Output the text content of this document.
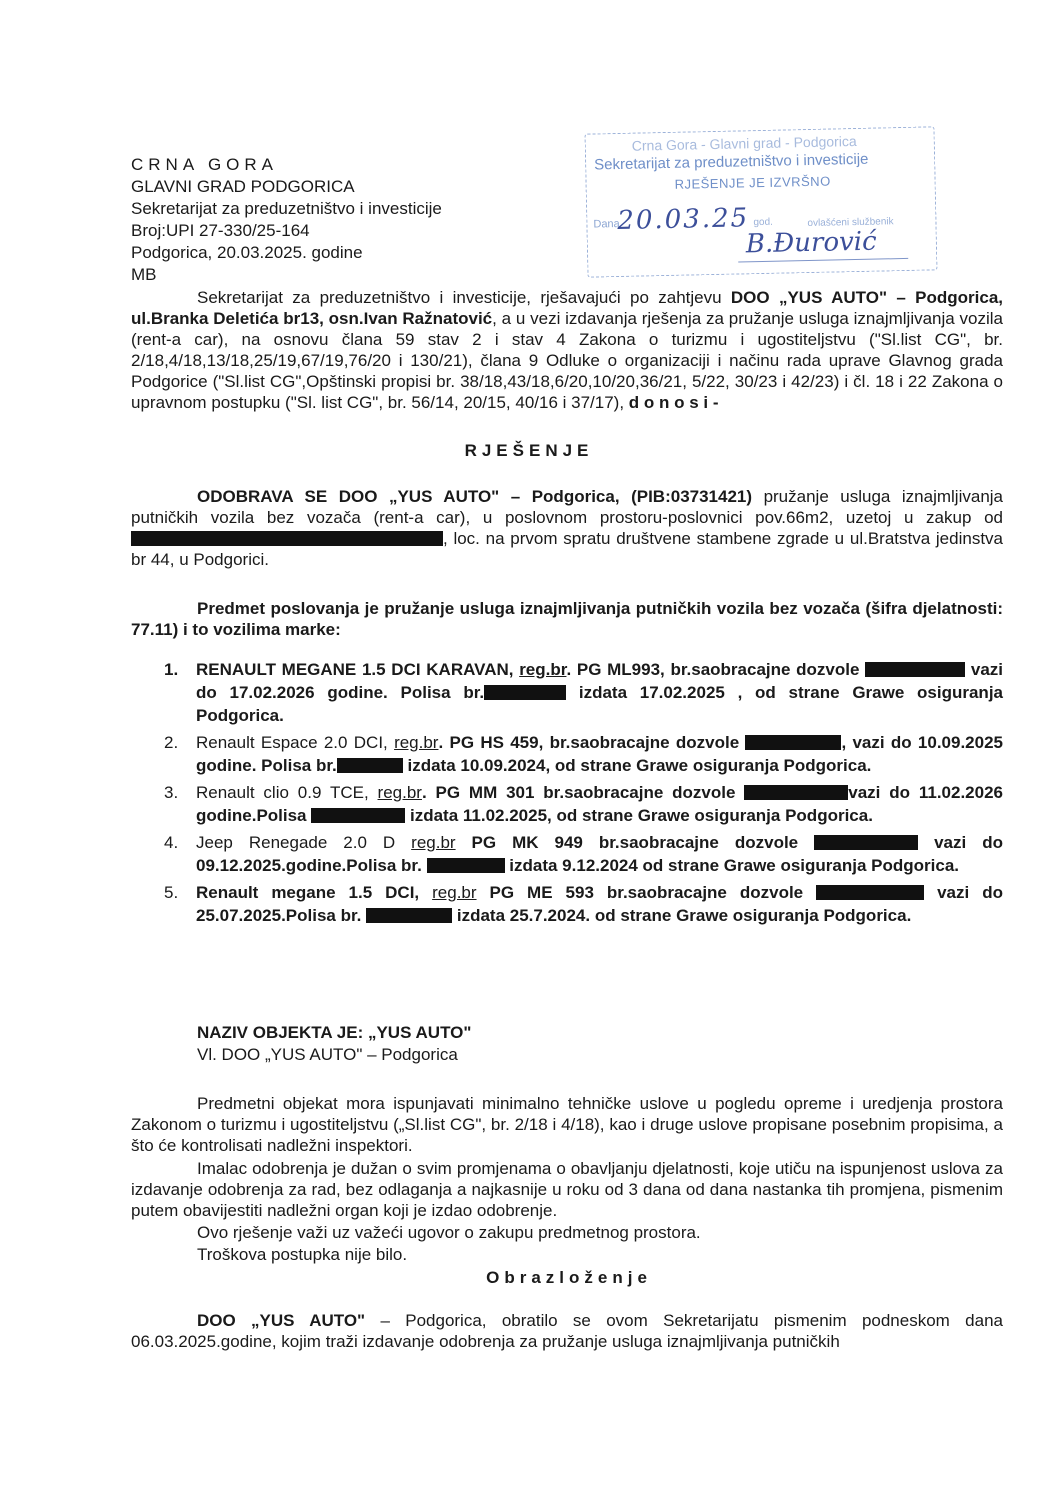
CRNA GORA
GLAVNI GRAD PODGORICA
Sekretarijat za preduzetništvo i investicije
Broj:UPI 27-330/25-164
Podgorica, 20.03.2025. godine
MB
Crna Gora - Glavni grad - Podgorica
Sekretarijat za preduzetništvo i investicije
RJEŠENJE JE IZVRŠNO
Dana
20.03.25 god.	ovlašćeni službenik
B.Đurović
Sekretarijat za preduzetništvo i investicije, rješavajući po zahtjevu DOO „YUS AUTO" – Podgorica, ul.Branka Deletića br13, osn.Ivan Ražnatović, a u vezi izdavanja rješenja za pružanje usluga iznajmljivanja vozila (rent-a car), na osnovu člana 59 stav 2 i stav 4 Zakona o turizmu i ugostiteljstvu ("Sl.list CG", br. 2/18,4/18,13/18,25/19,67/19,76/20 i 130/21), člana 9 Odluke o organizaciji i načinu rada uprave Glavnog grada Podgorice ("Sl.list CG",Opštinski propisi br. 38/18,43/18,6/20,10/20,36/21, 5/22, 30/23 i 42/23) i čl. 18 i 22 Zakona o upravnom postupku ("Sl. list CG", br. 56/14, 20/15, 40/16 i 37/17), d o n o s i -
RJEŠENJE
ODOBRAVA SE DOO „YUS AUTO" – Podgorica, (PIB:03731421) pružanje usluga iznajmljivanja putničkih vozila bez vozača (rent-a car), u poslovnom prostoru-poslovnici pov.66m2, uzetoj u zakup od , loc. na prvom spratu društvene stambene zgrade u ul.Bratstva jedinstva br 44, u Podgorici.
Predmet poslovanja je pružanje usluga iznajmljivanja putničkih vozila bez vozača (šifra djelatnosti: 77.11) i to vozilima marke:
1. RENAULT MEGANE 1.5 DCI KARAVAN, reg.br. PG ML993, br.saobracajne dozvole	vazi do 17.02.2026 godine. Polisa br.	izdata 17.02.2025 , od strane Grawe osiguranja Podgorica.
2. Renault Espace 2.0 DCI, reg.br. PG HS 459, br.saobracajne dozvole	, vazi do 10.09.2025 godine. Polisa br.	izdata 10.09.2024, od strane Grawe osiguranja Podgorica.
3. Renault clio 0.9 TCE, reg.br. PG MM 301 br.saobracajne dozvole	vazi do 11.02.2026 godine.Polisa	izdata 11.02.2025, od strane Grawe osiguranja Podgorica.
4. Jeep Renegade 2.0 D reg.br PG MK 949 br.saobracajne dozvole	vazi do 09.12.2025.godine.Polisa br.	izdata 9.12.2024 od strane Grawe osiguranja Podgorica.
5. Renault megane 1.5 DCI, reg.br PG ME 593 br.saobracajne dozvole	vazi do 25.07.2025.Polisa br.	izdata 25.7.2024. od strane Grawe osiguranja Podgorica.
NAZIV OBJEKTA JE: „YUS AUTO"
Vl. DOO „YUS AUTO" – Podgorica
Predmetni objekat mora ispunjavati minimalno tehničke uslove u pogledu opreme i uredjenja prostora Zakonom o turizmu i ugostiteljstvu („Sl.list CG", br. 2/18 i 4/18), kao i druge uslove propisane posebnim propisima, a što će kontrolisati nadležni inspektori.
Imalac odobrenja je dužan o svim promjenama o obavljanju djelatnosti, koje utiču na ispunjenost uslova za izdavanje odobrenja za rad, bez odlaganja a najkasnije u roku od 3 dana od dana nastanka tih promjena, pismenim putem obavijestiti nadležni organ koji je izdao odobrenje.
Ovo rješenje važi uz važeći ugovor o zakupu predmetnog prostora.
Troškova postupka nije bilo.
Obrazloženje
DOO „YUS AUTO" – Podgorica, obratilo se ovom Sekretarijatu pismenim podneskom dana 06.03.2025.godine, kojim traži izdavanje odobrenja za pružanje usluga iznajmljivanja putničkih
